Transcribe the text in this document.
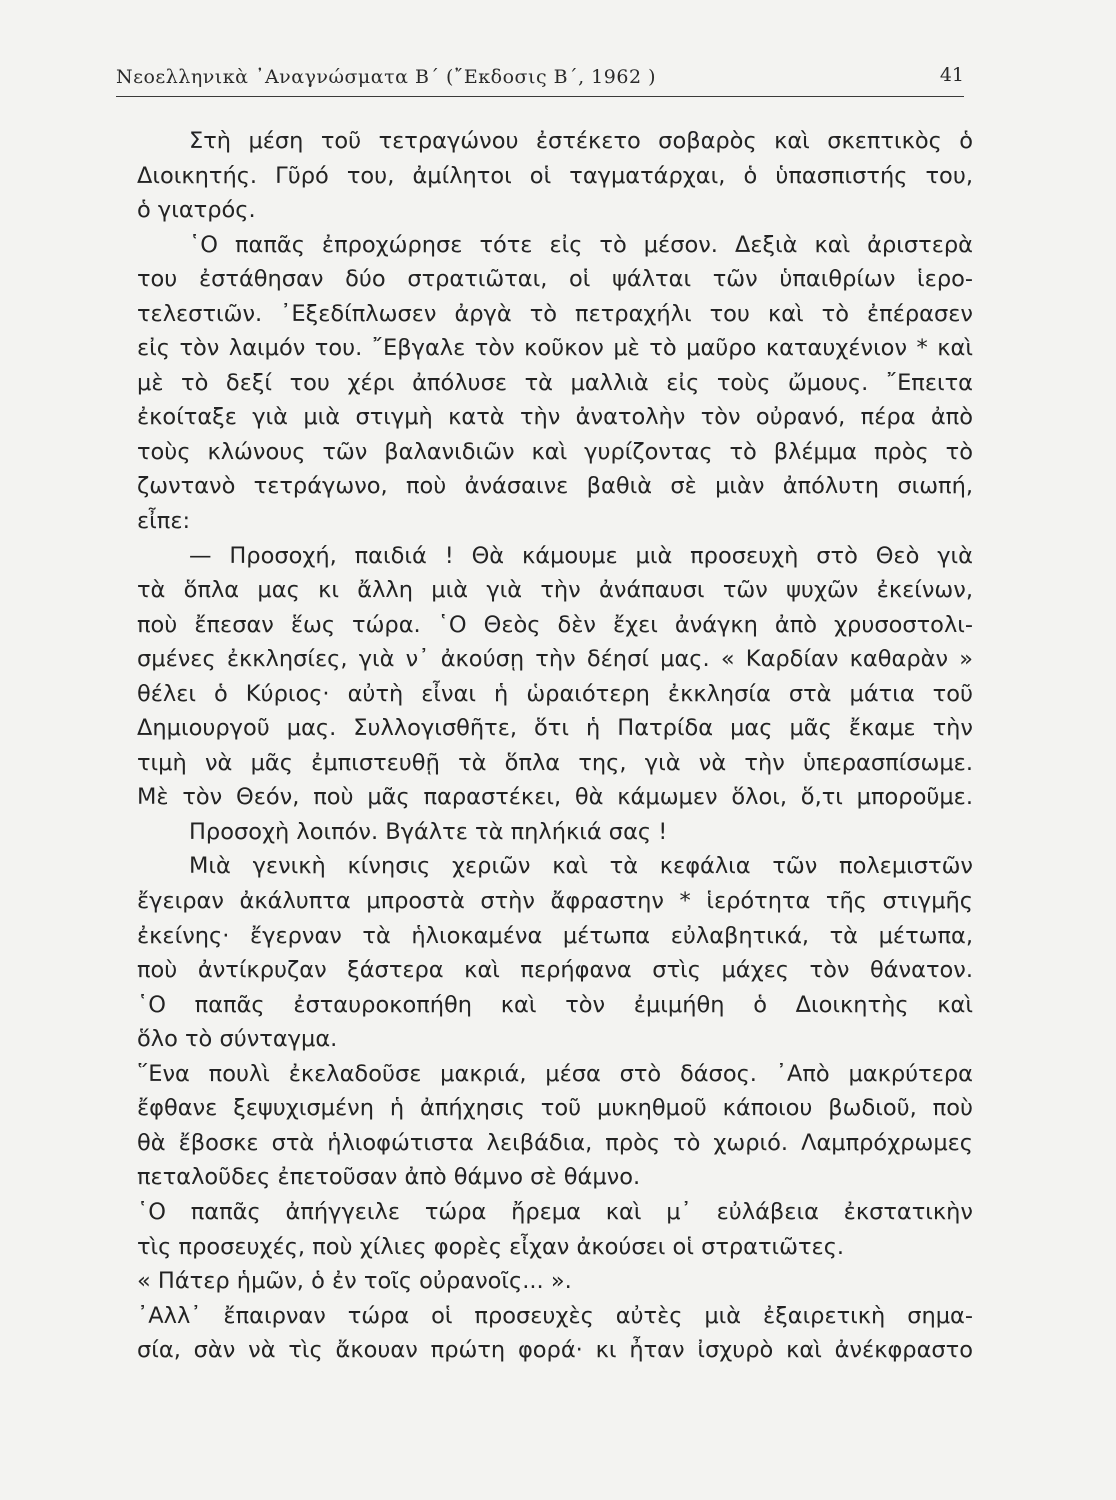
Νεοελληνικὰ ᾿Αναγνώσματα Β΄ (῎Εκδοσις Β΄, 1962 )	41
Στὴ μέση τοῦ τετραγώνου ἐστέκετο σοβαρὸς καὶ σκεπτικὸς ὁ
Διοικητής. Γῦρό του, ἀμίλητοι οἱ ταγματάρχαι, ὁ ὑπασπιστής του,
ὁ γιατρός.
῾Ο παπᾶς ἐπροχώρησε τότε εἰς τὸ μέσον. Δεξιὰ καὶ ἀριστερὰ
του ἐστάθησαν δύο στρατιῶται, οἱ ψάλται τῶν ὑπαιθρίων ἱερο-
τελεστιῶν. ᾿Εξεδίπλωσεν ἀργὰ τὸ πετραχήλι του καὶ τὸ ἐπέρασεν
εἰς τὸν λαιμόν του. ῎Εβγαλε τὸν κοῦκον μὲ τὸ μαῦρο καταυχένιον * καὶ
μὲ τὸ δεξί του χέρι ἀπόλυσε τὰ μαλλιὰ εἰς τοὺς ὤμους. ῎Επειτα
ἐκοίταξε γιὰ μιὰ στιγμὴ κατὰ τὴν ἀνατολὴν τὸν οὐρανό, πέρα ἀπὸ
τοὺς κλώνους τῶν βαλανιδιῶν καὶ γυρίζοντας τὸ βλέμμα πρὸς τὸ
ζωντανὸ τετράγωνο, ποὺ ἀνάσαινε βαθιὰ σὲ μιὰν ἀπόλυτη σιωπή,
εἶπε:
— Προσοχή, παιδιά ! Θὰ κάμουμε μιὰ προσευχὴ στὸ Θεὸ γιὰ
τὰ ὅπλα μας κι ἄλλη μιὰ γιὰ τὴν ἀνάπαυσι τῶν ψυχῶν ἐκείνων,
ποὺ ἔπεσαν ἕως τώρα. ῾Ο Θεὸς δὲν ἔχει ἀνάγκη ἀπὸ χρυσοστολι-
σμένες ἐκκλησίες, γιὰ ν᾿ ἀκούσῃ τὴν δέησί μας. « Καρδίαν καθαρὰν »
θέλει ὁ Κύριος· αὐτὴ εἶναι ἡ ὡραιότερη ἐκκλησία στὰ μάτια τοῦ
Δημιουργοῦ μας. Συλλογισθῆτε, ὅτι ἡ Πατρίδα μας μᾶς ἔκαμε τὴν
τιμὴ νὰ μᾶς ἐμπιστευθῇ τὰ ὅπλα της, γιὰ νὰ τὴν ὑπερασπίσωμε.
Μὲ τὸν Θεόν, ποὺ μᾶς παραστέκει, θὰ κάμωμεν ὅλοι, ὅ,τι μποροῦμε.
Προσοχὴ λοιπόν. Βγάλτε τὰ πηλήκιά σας !
Μιὰ γενικὴ κίνησις χεριῶν καὶ τὰ κεφάλια τῶν πολεμιστῶν
ἔγειραν ἀκάλυπτα μπροστὰ στὴν ἄφραστην * ἱερότητα τῆς στιγμῆς
ἐκείνης· ἔγερναν τὰ ἡλιοκαμένα μέτωπα εὐλαβητικά, τὰ μέτωπα,
ποὺ ἀντίκρυζαν ξάστερα καὶ περήφανα στὶς μάχες τὸν θάνατον.
῾Ο παπᾶς ἐσταυροκοπήθη καὶ τὸν ἐμιμήθη ὁ Διοικητὴς καὶ
ὅλο τὸ σύνταγμα.
῞Ενα πουλὶ ἐκελαδοῦσε μακριά, μέσα στὸ δάσος. ᾿Απὸ μακρύτερα
ἔφθανε ξεψυχισμένη ἡ ἀπήχησις τοῦ μυκηθμοῦ κάποιου βωδιοῦ, ποὺ
θὰ ἔβοσκε στὰ ἡλιοφώτιστα λειβάδια, πρὸς τὸ χωριό. Λαμπρόχρωμες
πεταλοῦδες ἐπετοῦσαν ἀπὸ θάμνο σὲ θάμνο.
῾Ο παπᾶς ἀπήγγειλε τώρα ἤρεμα καὶ μ᾿ εὐλάβεια ἐκστατικὴν
τὶς προσευχές, ποὺ χίλιες φορὲς εἶχαν ἀκούσει οἱ στρατιῶτες.
« Πάτερ ἡμῶν, ὁ ἐν τοῖς οὐρανοῖς... ».
᾿Αλλ᾿ ἔπαιρναν τώρα οἱ προσευχὲς αὐτὲς μιὰ ἐξαιρετικὴ σημα-
σία, σὰν νὰ τὶς ἄκουαν πρώτη φορά· κι ἦταν ἰσχυρὸ καὶ ἀνέκφραστο
